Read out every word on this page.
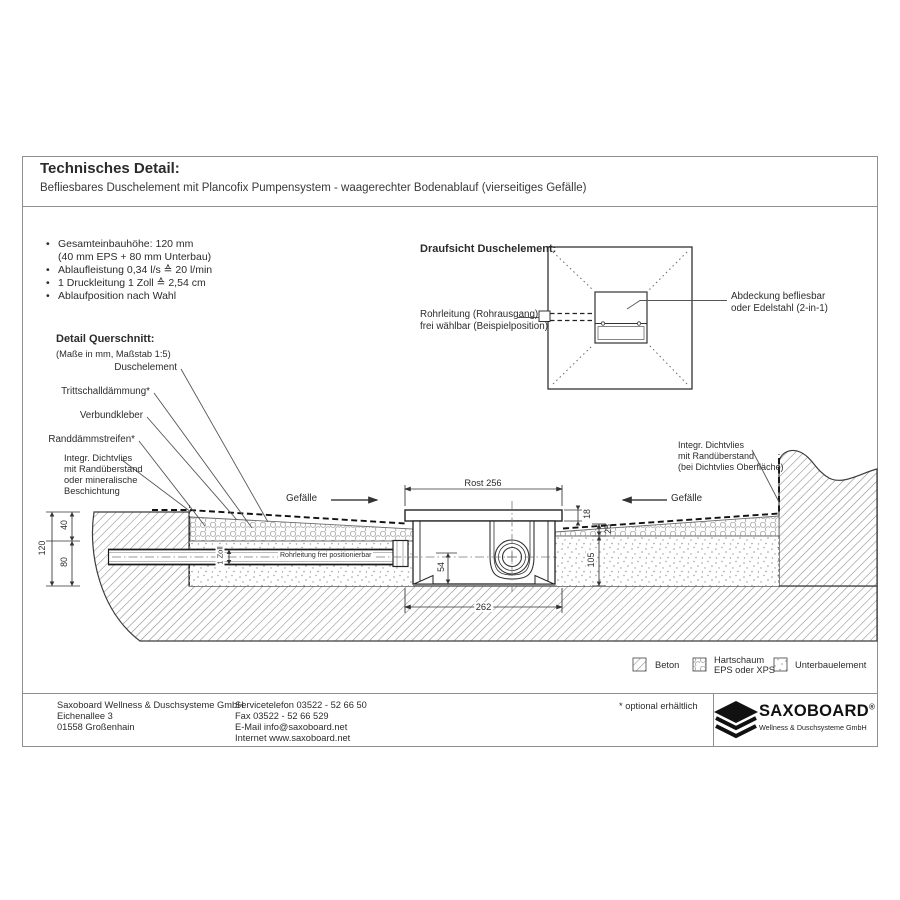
Technisches Detail:
Befliesbares Duschelement mit Plancofix Pumpensystem - waagerechter Bodenablauf (vierseitiges Gefälle)
•
Gesamteinbauhöhe: 120 mm
(40 mm EPS + 80 mm Unterbau)
•
Ablaufleistung 0,34 l/s ≙ 20 l/min
•
1 Druckleitung 1 Zoll ≙ 2,54 cm
•
Ablaufposition nach Wahl
Draufsicht Duschelement:
Rohrleitung (Rohrausgang)
frei wählbar (Beispielposition)
Abdeckung befliesbar
oder Edelstahl (2-in-1)
Detail Querschnitt:
(Maße in mm, Maßstab 1:5)
Duschelement
Trittschalldämmung*
Verbundkleber
Randdämmstreifen*
Integr. Dichtvlies
mit Randüberstand
oder mineralische
Beschichtung
Integr. Dichtvlies
mit Randüberstand
(bei Dichtvlies Oberfläche)
Gefälle	Gefälle
Rost 256
18
25
105
40
80
120
54
262
1 Zoll	Rohrleitung frei positionierbar
Beton	Hartschaum
EPS oder XPS Unterbauelement
Saxoboard Wellness & Duschsysteme GmbH
Eichenallee 3
01558 Großenhain
Servicetelefon 03522 - 52 66 50
Fax 03522 - 52 66 529
E-Mail info@saxoboard.net
Internet www.saxoboard.net
* optional erhältlich	SAXOBOARD®
Wellness & Duschsysteme GmbH
